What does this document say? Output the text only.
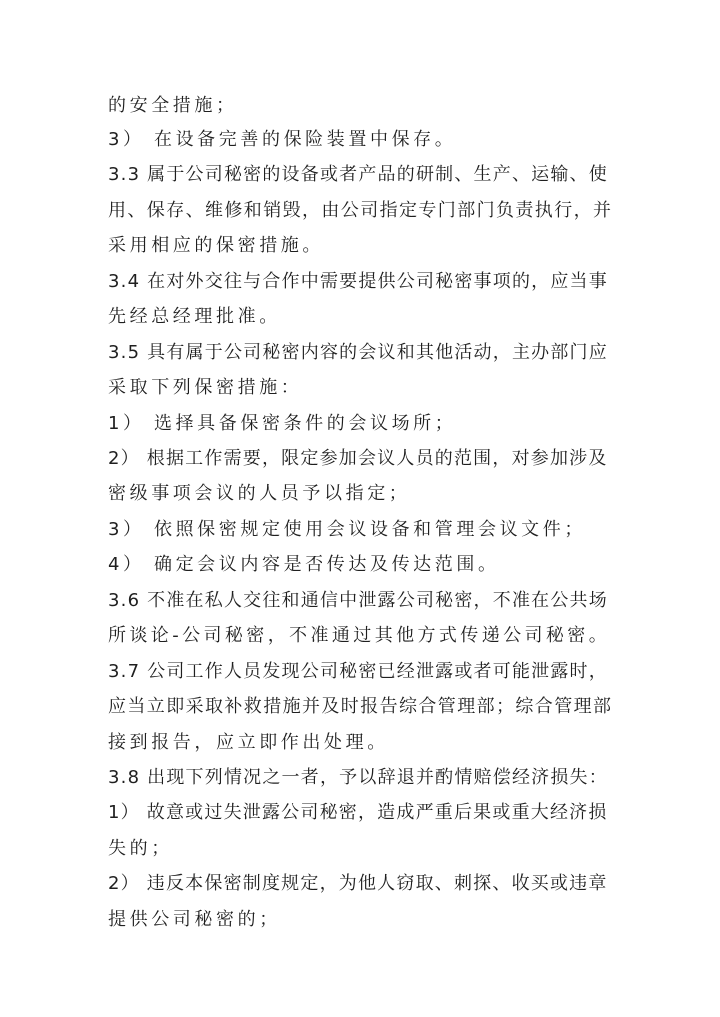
的安全措施；
3） 在设备完善的保险装置中保存。
3.3 属于公司秘密的设备或者产品的研制、生产、运输、使
用、保存、维修和销毁，由公司指定专门部门负责执行，并
采用相应的保密措施。
3.4 在对外交往与合作中需要提供公司秘密事项的，应当事
先经总经理批准。
3.5 具有属于公司秘密内容的会议和其他活动，主办部门应
采取下列保密措施：
1） 选择具备保密条件的会议场所；
2） 根据工作需要，限定参加会议人员的范围，对参加涉及
密级事项会议的人员予以指定；
3） 依照保密规定使用会议设备和管理会议文件；
4） 确定会议内容是否传达及传达范围。
3.6 不准在私人交往和通信中泄露公司秘密，不准在公共场
所谈论-公司秘密，不准通过其他方式传递公司秘密。
3.7 公司工作人员发现公司秘密已经泄露或者可能泄露时，
应当立即采取补救措施并及时报告综合管理部；综合管理部
接到报告，应立即作出处理。
3.8 出现下列情况之一者，予以辞退并酌情赔偿经济损失：
1） 故意或过失泄露公司秘密，造成严重后果或重大经济损
失的；
2） 违反本保密制度规定，为他人窃取、刺探、收买或违章
提供公司秘密的；
